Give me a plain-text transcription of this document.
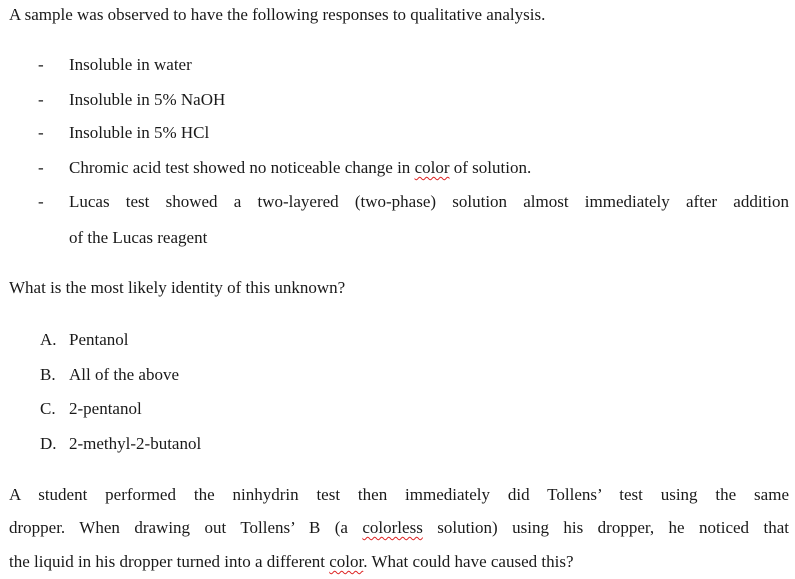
A sample was observed to have the following responses to qualitative analysis.
- Insoluble in water
- Insoluble in 5% NaOH
- Insoluble in 5% HCl
- Chromic acid test showed no noticeable change in color of solution.
- Lucas test showed a two-layered (two-phase) solution almost immediately after addition
of the Lucas reagent
What is the most likely identity of this unknown?
A. Pentanol
B. All of the above
C. 2-pentanol
D. 2-methyl-2-butanol
A student performed the ninhydrin test then immediately did Tollens’ test using the same
dropper. When drawing out Tollens’ B (a colorless solution) using his dropper, he noticed that
the liquid in his dropper turned into a different color. What could have caused this?
